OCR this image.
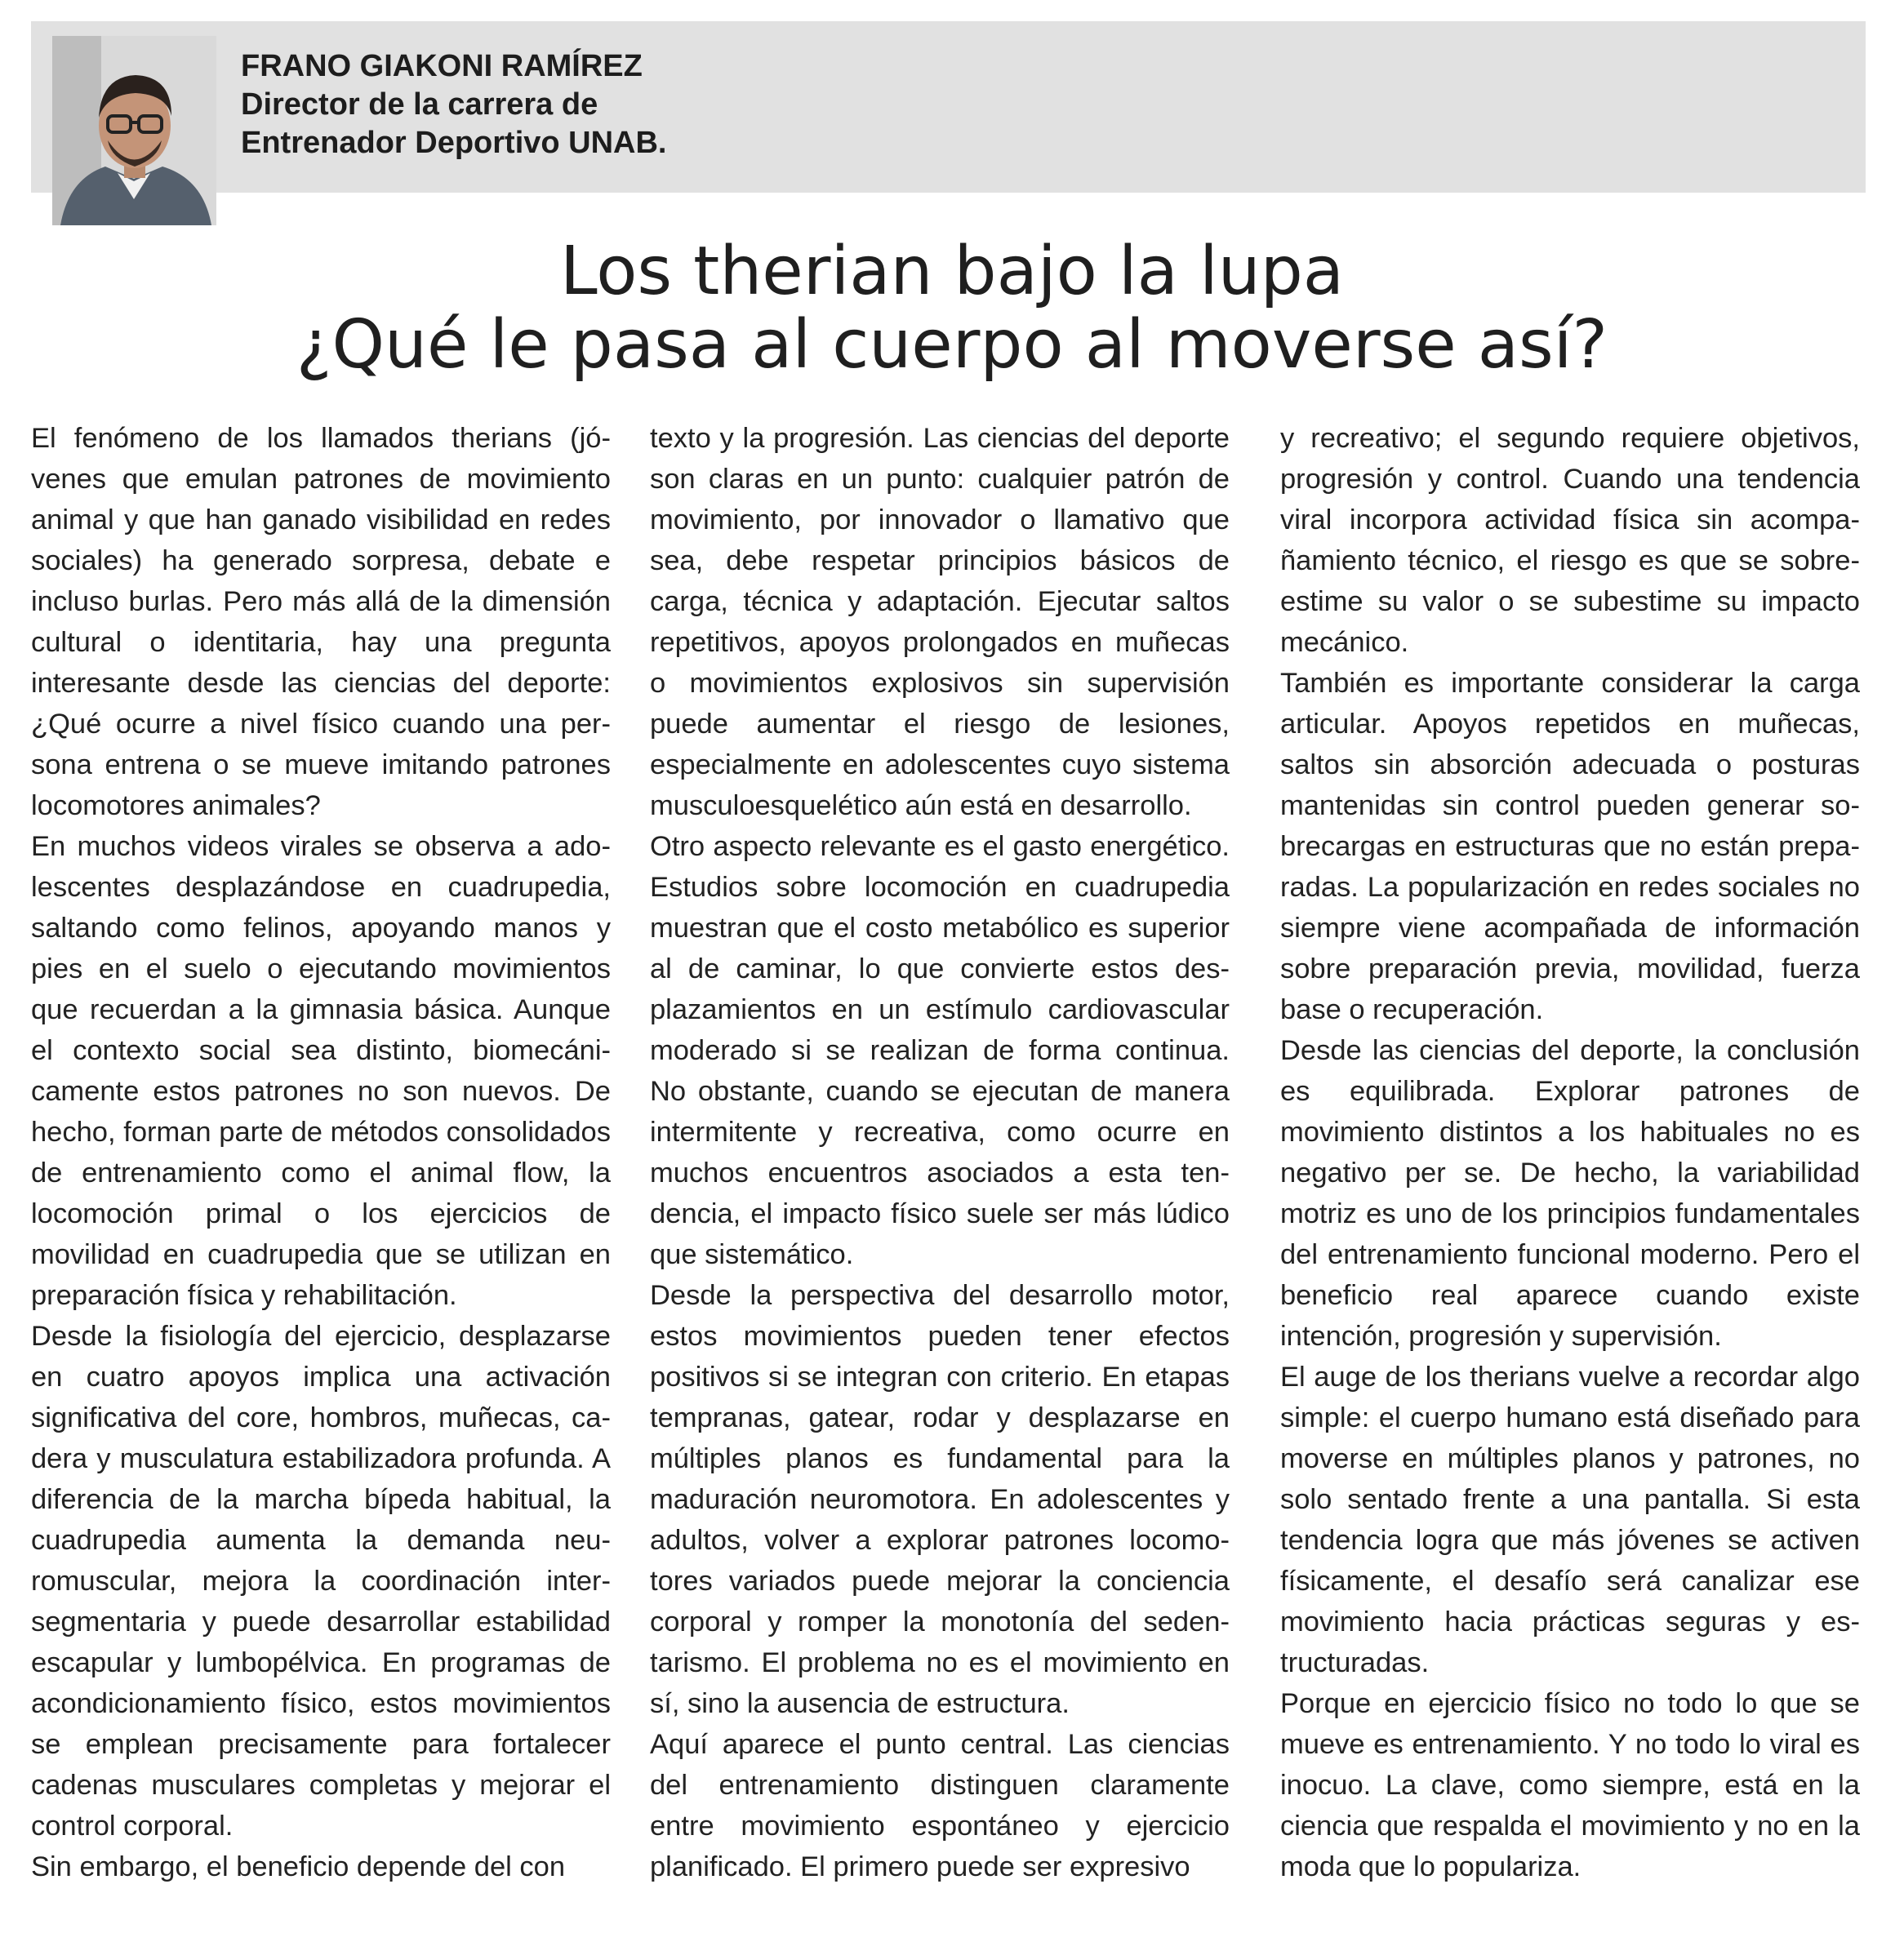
FRANO GIAKONI RAMÍREZ
Director de la carrera de
Entrenador Deportivo UNAB.
Los therian bajo la lupa
¿Qué le pasa al cuerpo al moverse así?

El fenómeno de los llamados therians (jóvenes que emulan patrones de movimiento animal y que han ganado visibilidad en redes sociales) ha generado sorpresa, debate e incluso burlas. Pero más allá de la dimensión cultural o identitaria, hay una pregunta interesante desde las ciencias del deporte: ¿Qué ocurre a nivel físico cuando una persona entrena o se mueve imitando patrones locomotores animales?

En muchos videos virales se observa a adolescentes desplazándose en cuadrupedia, saltando como felinos, apoyando manos y pies en el suelo o ejecutando movimientos que recuerdan a la gimnasia básica. Aunque el contexto social sea distinto, biomecánicamente estos patrones no son nuevos. De hecho, forman parte de métodos consolidados de entrenamiento como el animal flow, la locomoción primal o los ejercicios de movilidad en cuadrupedia que se utilizan en preparación física y rehabilitación.

Desde la fisiología del ejercicio, desplazarse en cuatro apoyos implica una activación significativa del core, hombros, muñecas, cadera y musculatura estabilizadora profunda. A diferencia de la marcha bípeda habitual, la cuadrupedia aumenta la demanda neuromuscular, mejora la coordinación intersegmentaria y puede desarrollar estabilidad escapular y lumbopélvica. En programas de acondicionamiento físico, estos movimientos se emplean precisamente para fortalecer cadenas musculares completas y mejorar el control corporal.

Sin embargo, el beneficio depende del con

texto y la progresión. Las ciencias del deporte son claras en un punto: cualquier patrón de movimiento, por innovador o llamativo que sea, debe respetar principios básicos de carga, técnica y adaptación. Ejecutar saltos repetitivos, apoyos prolongados en muñecas o movimientos explosivos sin supervisión puede aumentar el riesgo de lesiones, especialmente en adolescentes cuyo sistema musculoesquelético aún está en desarrollo.

Otro aspecto relevante es el gasto energético. Estudios sobre locomoción en cuadrupedia muestran que el costo metabólico es superior al de caminar, lo que convierte estos desplazamientos en un estímulo cardiovascular moderado si se realizan de forma continua. No obstante, cuando se ejecutan de manera intermitente y recreativa, como ocurre en muchos encuentros asociados a esta tendencia, el impacto físico suele ser más lúdico que sistemático.

Desde la perspectiva del desarrollo motor, estos movimientos pueden tener efectos positivos si se integran con criterio. En etapas tempranas, gatear, rodar y desplazarse en múltiples planos es fundamental para la maduración neuromotora. En adolescentes y adultos, volver a explorar patrones locomotores variados puede mejorar la conciencia corporal y romper la monotonía del sedentarismo. El problema no es el movimiento en sí, sino la ausencia de estructura.

Aquí aparece el punto central. Las ciencias del entrenamiento distinguen claramente entre movimiento espontáneo y ejercicio planificado. El primero puede ser expresivo

y recreativo; el segundo requiere objetivos, progresión y control. Cuando una tendencia viral incorpora actividad física sin acompañamiento técnico, el riesgo es que se sobreestime su valor o se subestime su impacto mecánico.

También es importante considerar la carga articular. Apoyos repetidos en muñecas, saltos sin absorción adecuada o posturas mantenidas sin control pueden generar sobrecargas en estructuras que no están preparadas. La popularización en redes sociales no siempre viene acompañada de información sobre preparación previa, movilidad, fuerza base o recuperación.

Desde las ciencias del deporte, la conclusión es equilibrada. Explorar patrones de movimiento distintos a los habituales no es negativo per se. De hecho, la variabilidad motriz es uno de los principios fundamentales del entrenamiento funcional moderno. Pero el beneficio real aparece cuando existe intención, progresión y supervisión.

El auge de los therians vuelve a recordar algo simple: el cuerpo humano está diseñado para moverse en múltiples planos y patrones, no solo sentado frente a una pantalla. Si esta tendencia logra que más jóvenes se activen físicamente, el desafío será canalizar ese movimiento hacia prácticas seguras y estructuradas.

Porque en ejercicio físico no todo lo que se mueve es entrenamiento. Y no todo lo viral es inocuo. La clave, como siempre, está en la ciencia que respalda el movimiento y no en la moda que lo populariza.
